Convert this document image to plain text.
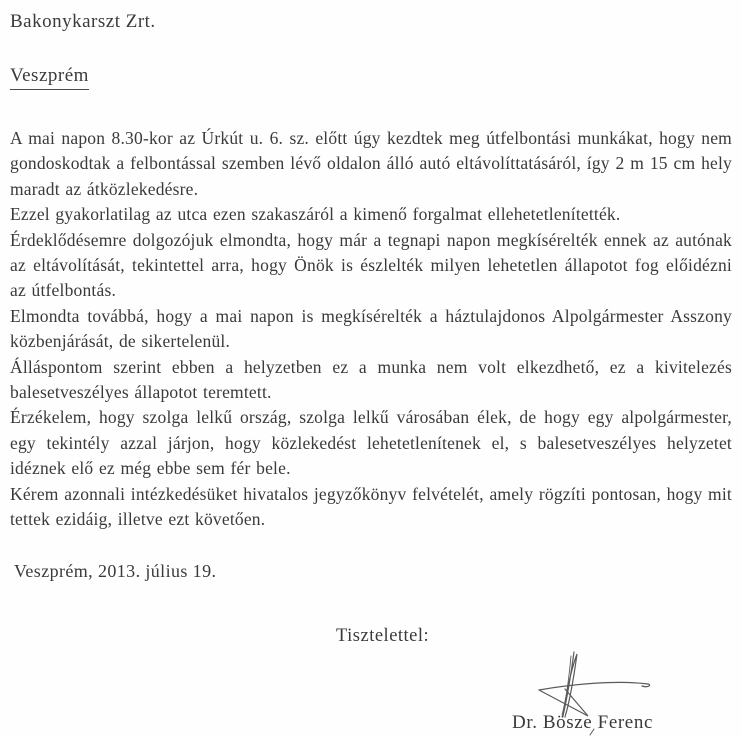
Bakonykarszt Zrt.
Veszprém

A mai napon 8.30-kor az Úrkút u. 6. sz. előtt úgy kezdtek meg útfelbontási munkákat, hogy nem gondoskodtak a felbontással szemben lévő oldalon álló autó eltávolíttatásáról, így 2 m 15 cm hely maradt az átközlekedésre.

Ezzel gyakorlatilag az utca ezen szakaszáról a kimenő forgalmat ellehetetlenítették.

Érdeklődésemre dolgozójuk elmondta, hogy már a tegnapi napon megkísérelték ennek az autónak az eltávolítását, tekintettel arra, hogy Önök is észlelték milyen lehetetlen állapotot fog előidézni az útfelbontás.

Elmondta továbbá, hogy a mai napon is megkísérelték a háztulajdonos Alpolgármester Asszony közbenjárását, de sikertelenül.

Álláspontom szerint ebben a helyzetben ez a munka nem volt elkezdhető, ez a kivitelezés balesetveszélyes állapotot teremtett.

Érzékelem, hogy szolga lelkű ország, szolga lelkű városában élek, de hogy egy alpolgármester, egy tekintély azzal járjon, hogy közlekedést lehetetlenítenek el, s balesetveszélyes helyzetet idéznek elő ez még ebbe sem fér bele.

Kérem azonnali intézkedésüket hivatalos jegyzőkönyv felvételét, amely rögzíti pontosan, hogy mit tettek ezidáig, illetve ezt követően.

Veszprém, 2013. július 19.
Tisztelettel:
Dr. Bösze Ferenc
